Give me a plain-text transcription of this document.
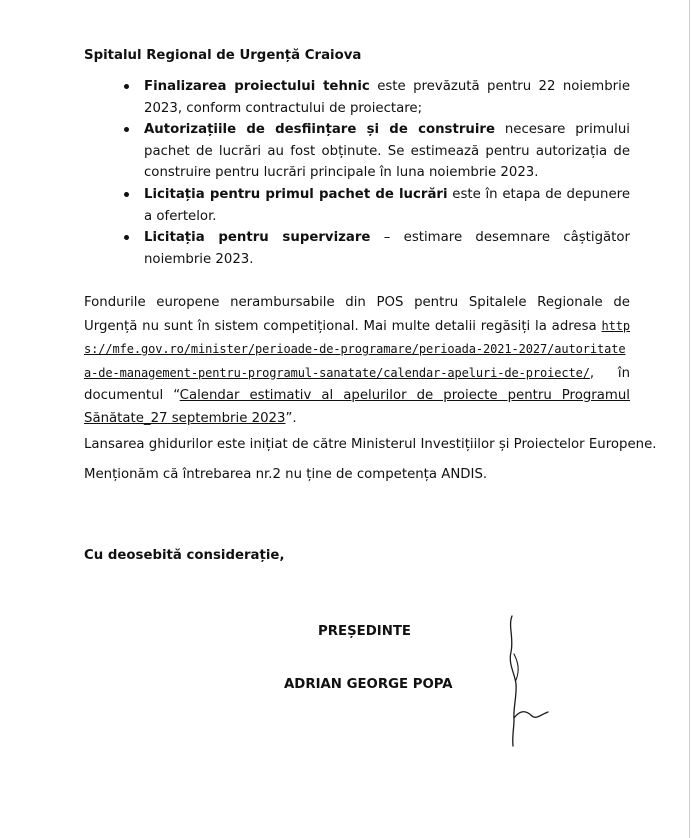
Spitalul Regional de Urgență Craiova
Finalizarea proiectului tehnic este prevăzută pentru 22 noiembrie 2023, conform contractului de proiectare;
Autorizațiile de desființare și de construire necesare primului pachet de lucrări au fost obținute. Se estimează pentru autorizația de construire pentru lucrări principale în luna noiembrie 2023.
Licitația pentru primul pachet de lucrări este în etapa de depunere a ofertelor.
Licitația pentru supervizare – estimare desemnare câștigător noiembrie 2023.
Fondurile europene nerambursabile din POS pentru Spitalele Regionale de Urgență nu sunt în sistem competițional. Mai multe detalii regăsiți la adresa https://mfe.gov.ro/minister/perioade-de-programare/perioada-2021-2027/autoritatea-de-management-pentru-programul-sanatate/calendar-apeluri-de-proiecte/, în documentul “Calendar estimativ al apelurilor de proiecte pentru Programul Sănătate_27 septembrie 2023”.
Lansarea ghidurilor este inițiat de către Ministerul Investițiilor și Proiectelor Europene.
Menționăm că întrebarea nr.2 nu ține de competența ANDIS.
Cu deosebită considerație,
PREȘEDINTE
ADRIAN GEORGE POPA
